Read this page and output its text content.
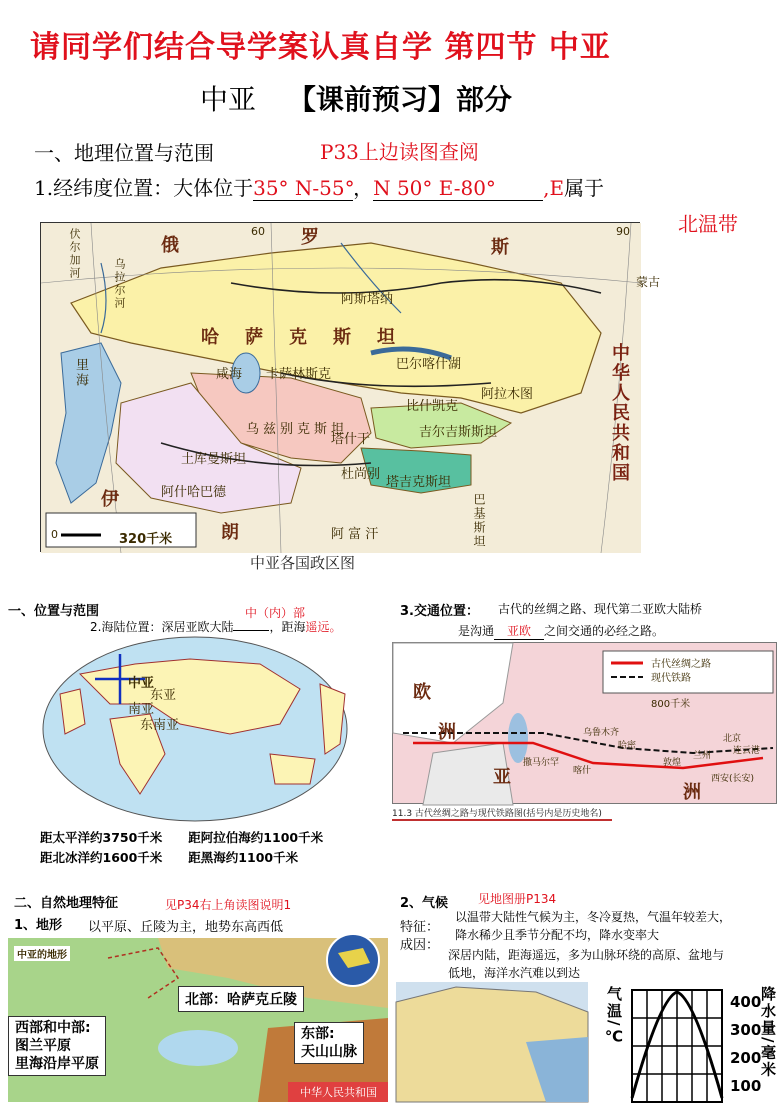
请同学们结合导学案认真自学 第四节 中亚
中亚 【课前预习】部分
一、地理位置与范围	P33上边读图查阅
1.经纬度位置：大体位于35° N-55°，N 50° E-80° ,E属于
北温带
俄	罗	斯
哈萨克斯坦
阿斯塔纳
巴尔喀什湖
卡萨林斯克
阿拉木图
比什凯克
吉尔吉斯斯坦
乌兹别克斯坦
塔什干
塔吉克斯坦
杜尚别
土库曼斯坦
阿什哈巴德
咸海
里海
乌拉尔河
伏尔加河
中华人民共和国
蒙古
朗
伊
阿 富 汗	巴基斯坦
0	320千米
60	90
中亚各国政区图
一、位置与范围	中（内）部
2.海陆位置：深居亚欧大陆	，距海遥远。
中亚
东亚
南亚
东南亚
距太平洋约3750千米 距阿拉伯海约1100千米
距北冰洋约1600千米 距黑海约1100千米
3.交通位置： 古代的丝绸之路、现代第二亚欧大陆桥
是沟通 亚欧 之间交通的必经之路。
古代丝绸之路
现代铁路
800千米
欧
洲
亚
洲
西安(长安)
敦煌
哈密
乌鲁木齐
撒马尔罕
喀什
兰州
北京
连云港
11.3 古代丝绸之路与现代铁路图(括号内是历史地名)
二、自然地理特征	见P34右上角读图说明1
1、地形 以平原、丘陵为主，地势东高西低
中亚的地形
北部：哈萨克丘陵
西部和中部:
图兰平原
里海沿岸平原
东部:
天山山脉
中华人民共和国
2、气候 见地图册P134
特征：
以温带大陆性气候为主，冬冷夏热，气温年较差大，
降水稀少且季节分配不均，降水变率大
成因：
深居内陆，距海遥远，多为山脉环绕的高原、盆地与
低地，海洋水汽难以到达
气温/℃	400
300
200
100
降水量/毫米
